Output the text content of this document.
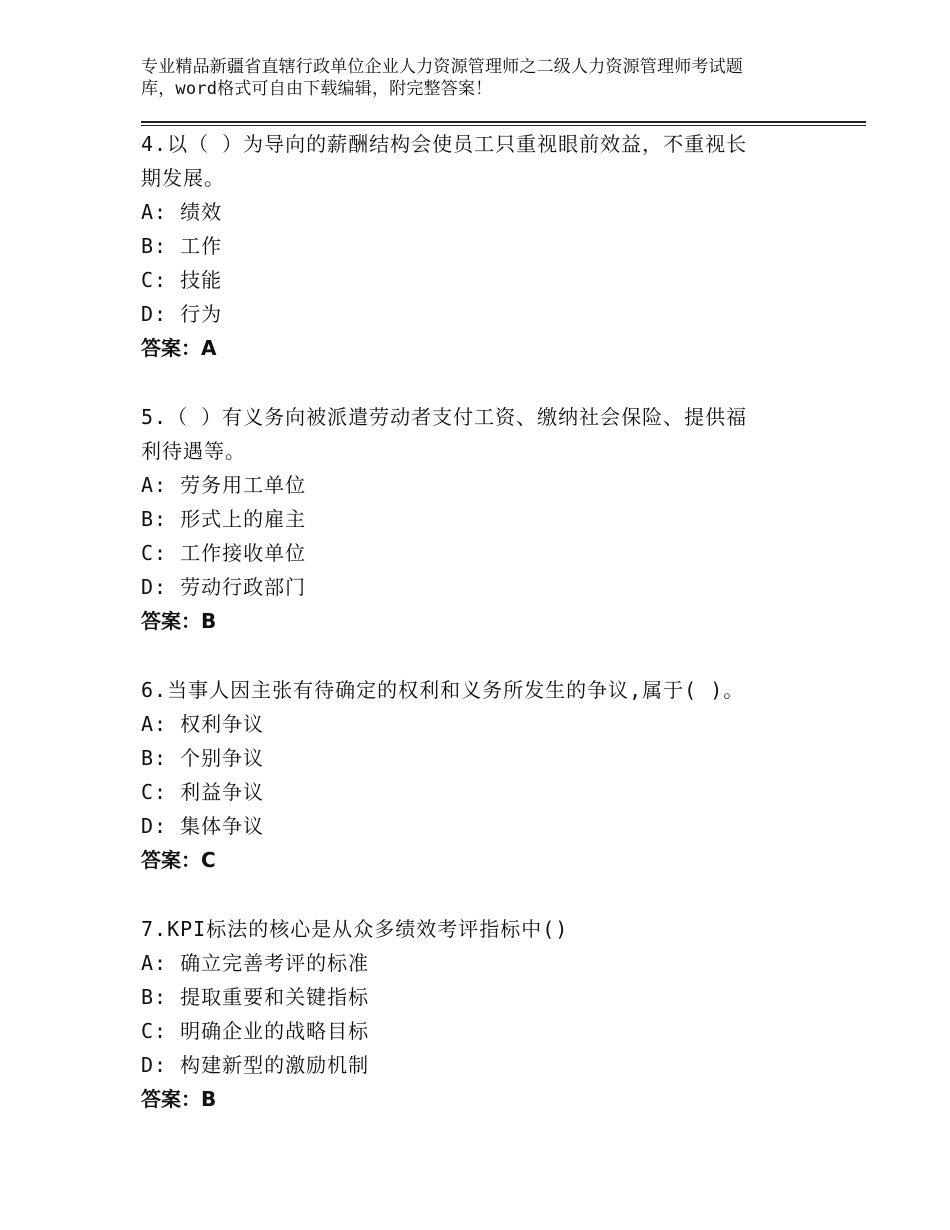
专业精品新疆省直辖行政单位企业人力资源管理师之二级人力资源管理师考试题
库，word格式可自由下载编辑，附完整答案！
4.以（ ）为导向的薪酬结构会使员工只重视眼前效益，不重视长
期发展。
A: 绩效
B: 工作
C: 技能
D: 行为
答案：A
5.（ ）有义务向被派遣劳动者支付工资、缴纳社会保险、提供福
利待遇等。
A: 劳务用工单位
B: 形式上的雇主
C: 工作接收单位
D: 劳动行政部门
答案：B
6.当事人因主张有待确定的权利和义务所发生的争议,属于( )。
A: 权利争议
B: 个别争议
C: 利益争议
D: 集体争议
答案：C
7.KPI标法的核心是从众多绩效考评指标中()
A: 确立完善考评的标准
B: 提取重要和关键指标
C: 明确企业的战略目标
D: 构建新型的激励机制
答案：B
